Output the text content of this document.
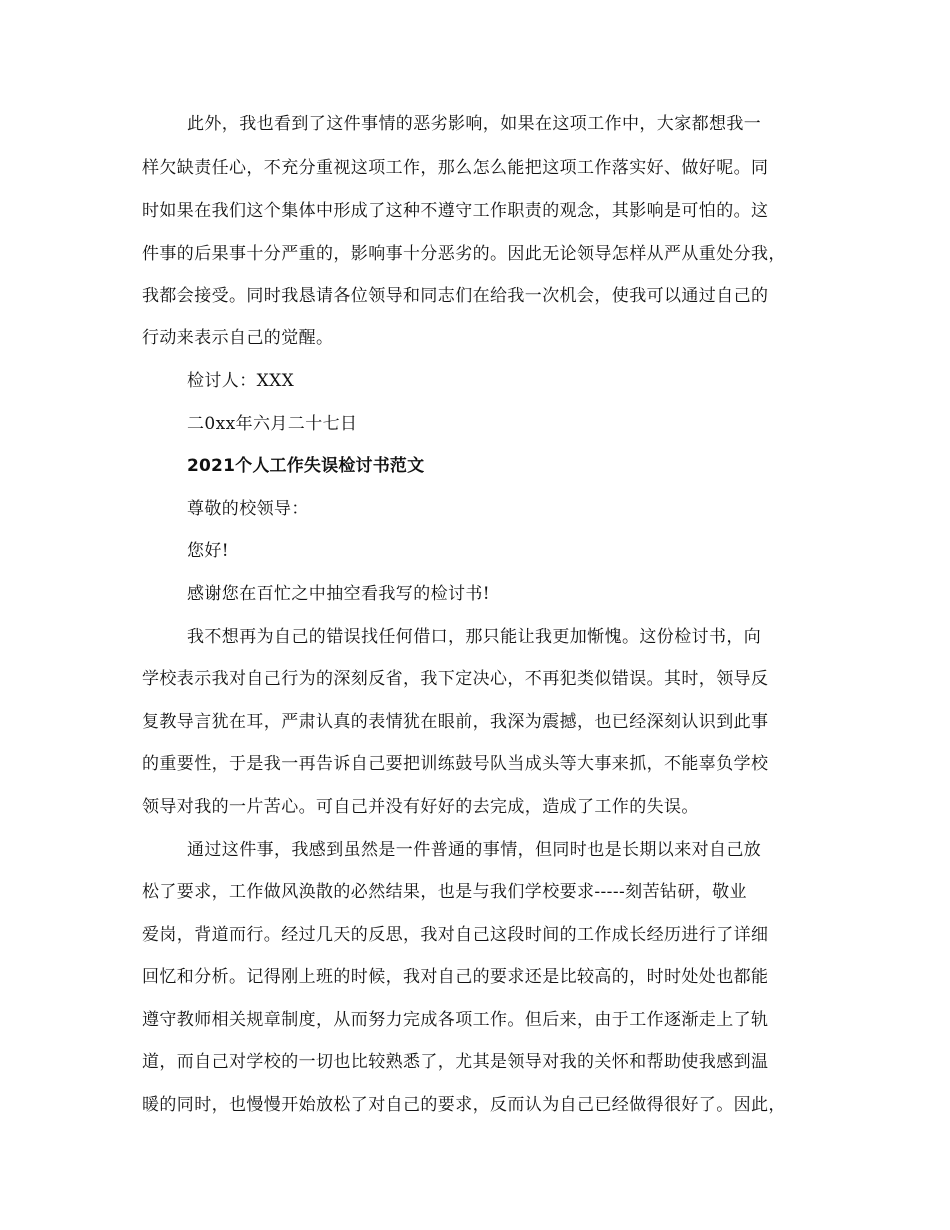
此外，我也看到了这件事情的恶劣影响，如果在这项工作中，大家都想我一
样欠缺责任心，不充分重视这项工作，那么怎么能把这项工作落实好、做好呢。同
时如果在我们这个集体中形成了这种不遵守工作职责的观念，其影响是可怕的。这
件事的后果事十分严重的，影响事十分恶劣的。因此无论领导怎样从严从重处分我，
我都会接受。同时我恳请各位领导和同志们在给我一次机会，使我可以通过自己的
行动来表示自己的觉醒。
检讨人：XXX
二0xx年六月二十七日
2021个人工作失误检讨书范文
尊敬的校领导：
您好!
感谢您在百忙之中抽空看我写的检讨书!
我不想再为自己的错误找任何借口，那只能让我更加惭愧。这份检讨书，向
学校表示我对自己行为的深刻反省，我下定决心，不再犯类似错误。其时，领导反
复教导言犹在耳，严肃认真的表情犹在眼前，我深为震撼，也已经深刻认识到此事
的重要性，于是我一再告诉自己要把训练鼓号队当成头等大事来抓，不能辜负学校
领导对我的一片苦心。可自己并没有好好的去完成，造成了工作的失误。
通过这件事，我感到虽然是一件普通的事情，但同时也是长期以来对自己放
松了要求，工作做风涣散的必然结果，也是与我们学校要求-----刻苦钻研，敬业
爱岗，背道而行。经过几天的反思，我对自己这段时间的工作成长经历进行了详细
回忆和分析。记得刚上班的时候，我对自己的要求还是比较高的，时时处处也都能
遵守教师相关规章制度，从而努力完成各项工作。但后来，由于工作逐渐走上了轨
道，而自己对学校的一切也比较熟悉了，尤其是领导对我的关怀和帮助使我感到温
暖的同时，也慢慢开始放松了对自己的要求，反而认为自己已经做得很好了。因此，
